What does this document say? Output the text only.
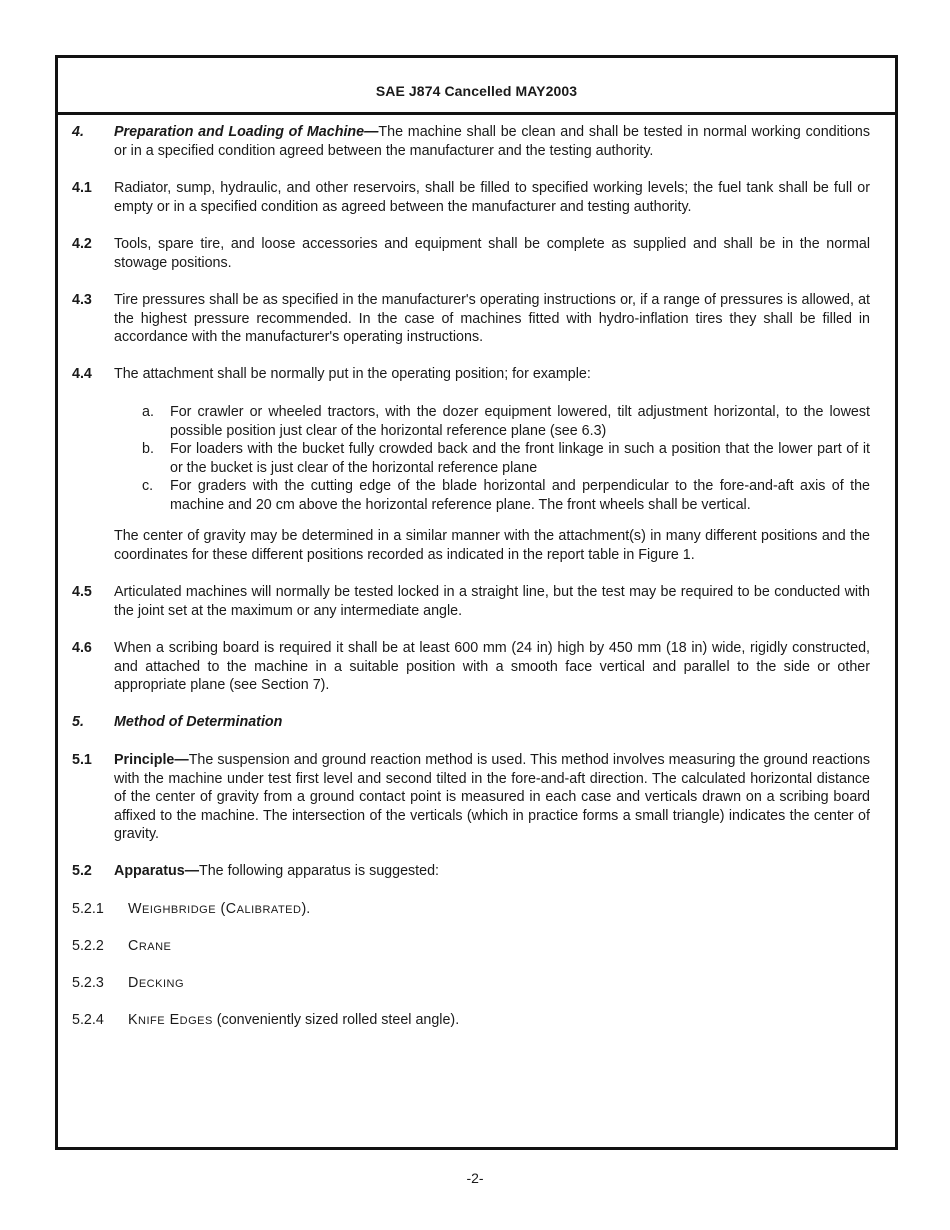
SAE J874 Cancelled MAY2003
4. Preparation and Loading of Machine—The machine shall be clean and shall be tested in normal working conditions or in a specified condition agreed between the manufacturer and the testing authority.
4.1 Radiator, sump, hydraulic, and other reservoirs, shall be filled to specified working levels; the fuel tank shall be full or empty or in a specified condition as agreed between the manufacturer and testing authority.
4.2 Tools, spare tire, and loose accessories and equipment shall be complete as supplied and shall be in the normal stowage positions.
4.3 Tire pressures shall be as specified in the manufacturer's operating instructions or, if a range of pressures is allowed, at the highest pressure recommended. In the case of machines fitted with hydro-inflation tires they shall be filled in accordance with the manufacturer's operating instructions.
4.4 The attachment shall be normally put in the operating position; for example:
a. For crawler or wheeled tractors, with the dozer equipment lowered, tilt adjustment horizontal, to the lowest possible position just clear of the horizontal reference plane (see 6.3)
b. For loaders with the bucket fully crowded back and the front linkage in such a position that the lower part of it or the bucket is just clear of the horizontal reference plane
c. For graders with the cutting edge of the blade horizontal and perpendicular to the fore-and-aft axis of the machine and 20 cm above the horizontal reference plane. The front wheels shall be vertical.
The center of gravity may be determined in a similar manner with the attachment(s) in many different positions and the coordinates for these different positions recorded as indicated in the report table in Figure 1.
4.5 Articulated machines will normally be tested locked in a straight line, but the test may be required to be conducted with the joint set at the maximum or any intermediate angle.
4.6 When a scribing board is required it shall be at least 600 mm (24 in) high by 450 mm (18 in) wide, rigidly constructed, and attached to the machine in a suitable position with a smooth face vertical and parallel to the side or other appropriate plane (see Section 7).
5. Method of Determination
5.1 Principle—The suspension and ground reaction method is used. This method involves measuring the ground reactions with the machine under test first level and second tilted in the fore-and-aft direction. The calculated horizontal distance of the center of gravity from a ground contact point is measured in each case and verticals drawn on a scribing board affixed to the machine. The intersection of the verticals (which in practice forms a small triangle) indicates the center of gravity.
5.2 Apparatus—The following apparatus is suggested:
5.2.1 WEIGHBRIDGE (CALIBRATED).
5.2.2 CRANE
5.2.3 DECKING
5.2.4 KNIFE EDGES (conveniently sized rolled steel angle).
-2-
